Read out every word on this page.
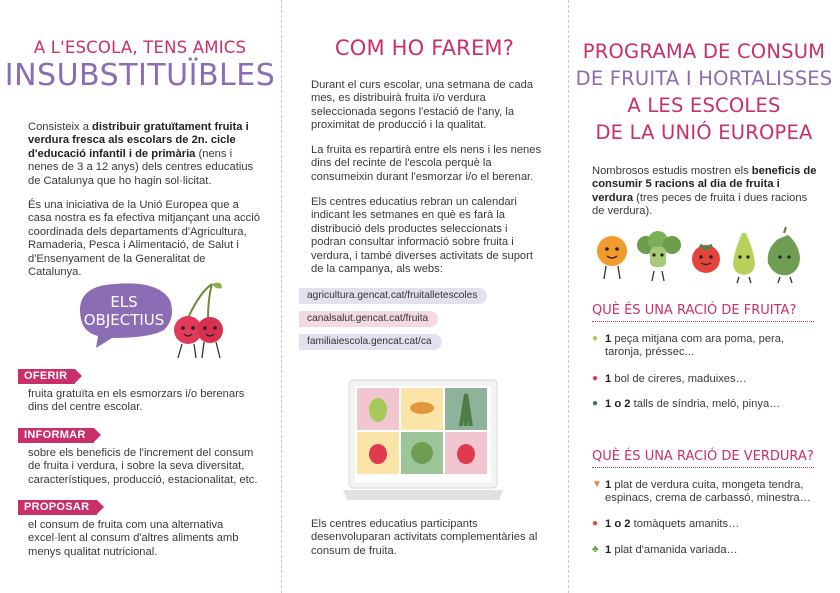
A L'ESCOLA, TENS AMICS
INSUBSTITUÏBLES

Consisteix a distribuir gratuïtament fruita i verdura fresca als escolars de 2n. cicle d'educació infantil i de primària (nens i nenes de 3 a 12 anys) dels centres educatius de Catalunya que ho hagin sol·licitat.

És una iniciativa de la Unió Europea que a casa nostra es fa efectiva mitjançant una acció coordinada dels departaments d'Agricultura, Ramaderia, Pesca i Alimentació, de Salut i d'Ensenyament de la Generalitat de Catalunya.

ELS
OBJECTIUS
OFERIR

fruita gratuïta en els esmorzars i/o berenars dins del centre escolar.

INFORMAR

sobre els beneficis de l'increment del consum de fruita i verdura, i sobre la seva diversitat, característiques, producció, estacionalitat, etc.

PROPOSAR

el consum de fruita com una alternativa excel·lent al consum d'altres aliments amb menys qualitat nutricional.

COM HO FAREM?

Durant el curs escolar, una setmana de cada mes, es distribuirà fruita i/o verdura seleccionada segons l'estació de l'any, la proximitat de producció i la qualitat.

La fruita es repartirà entre els nens i les nenes dins del recinte de l'escola perquè la consumeixin durant l'esmorzar i/o el berenar.

Els centres educatius rebran un calendari indicant les setmanes en què es farà la distribució dels productes seleccionats i podran consultar informació sobre fruita i verdura, i també diverses activitats de suport de la campanya, als webs:

agricultura.gencat.cat/fruitalletescoles
canalsalut.gencat.cat/fruita
familiaiescola.gencat.cat/ca

Els centres educatius participants desenvoluparan activitats complementàries al consum de fruita.

PROGRAMA DE CONSUM
DE FRUITA I HORTALISSES
A LES ESCOLES
DE LA UNIÓ EUROPEA

Nombrosos estudis mostren els beneficis de consumir 5 racions al dia de fruita i verdura (tres peces de fruita i dues racions de verdura).

QUÈ ÉS UNA RACIÓ DE FRUITA?
● 1 peça mitjana com ara poma, pera, taronja, préssec...
● 1 bol de cireres, maduixes…
● 1 o 2 talls de síndria, meló, pinya…
QUÈ ÉS UNA RACIÓ DE VERDURA?
▼ 1 plat de verdura cuita, mongeta tendra, espinacs, crema de carbassó, minestra…
● 1 o 2 tomàquets amanits…
♣ 1 plat d'amanida variada…
